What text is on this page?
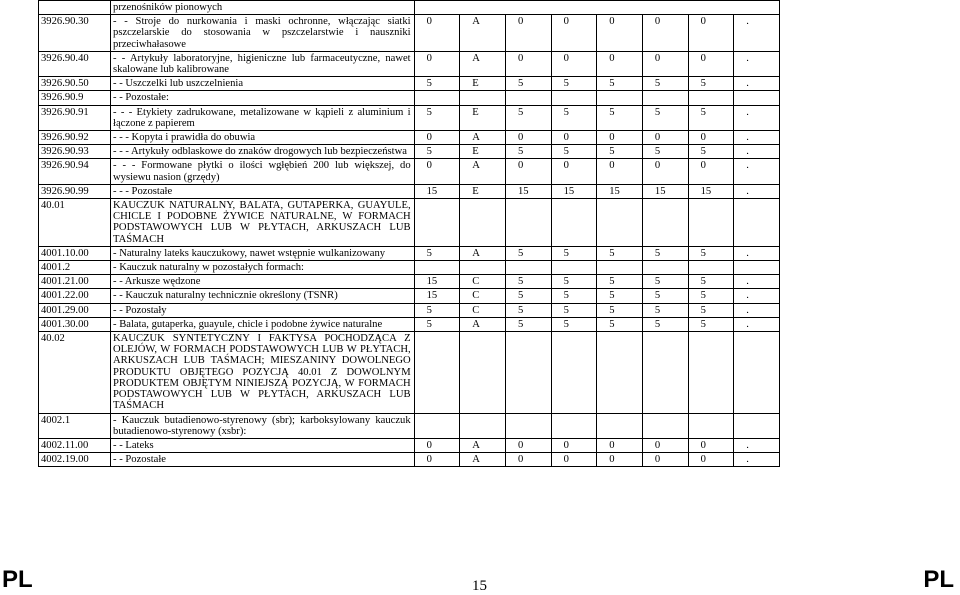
	przenośników pionowych								
3926.90.30	- - Stroje do nurkowania i maski ochronne, włączając siatki pszczelarskie do stosowania w pszczelarstwie i nauszniki przeciwhałasowe	0	A	0	0	0	0	0	.
3926.90.40	- - Artykuły laboratoryjne, higieniczne lub farmaceutyczne, nawet skalowane lub kalibrowane	0	A	0	0	0	0	0	.
3926.90.50	- - Uszczelki lub uszczelnienia	5	E	5	5	5	5	5	.
3926.90.9	- - Pozostałe:								
3926.90.91	- - - Etykiety zadrukowane, metalizowane w kąpieli z aluminium i łączone z papierem	5	E	5	5	5	5	5	.
3926.90.92	- - - Kopyta i prawidła do obuwia	0	A	0	0	0	0	0	.
3926.90.93	- - - Artykuły odblaskowe do znaków drogowych lub bezpieczeństwa	5	E	5	5	5	5	5	.
3926.90.94	- - - Formowane płytki o ilości wgłębień 200 lub większej, do wysiewu nasion (grzędy)	0	A	0	0	0	0	0	.
3926.90.99	- - - Pozostałe	15	E	15	15	15	15	15	.
40.01	KAUCZUK NATURALNY, BALATA, GUTAPERKA, GUAYULE, CHICLE I PODOBNE ŻYWICE NATURALNE, W FORMACH PODSTAWOWYCH LUB W PŁYTACH, ARKUSZACH LUB TAŚMACH								
4001.10.00	- Naturalny lateks kauczukowy, nawet wstępnie wulkanizowany	5	A	5	5	5	5	5	.
4001.2	- Kauczuk naturalny w pozostałych formach:								
4001.21.00	- - Arkusze wędzone	15	C	5	5	5	5	5	.
4001.22.00	- - Kauczuk naturalny technicznie określony (TSNR)	15	C	5	5	5	5	5	.
4001.29.00	- - Pozostały	5	C	5	5	5	5	5	.
4001.30.00	- Balata, gutaperka, guayule, chicle i podobne żywice naturalne	5	A	5	5	5	5	5	.
40.02	KAUCZUK SYNTETYCZNY I FAKTYSA POCHODZĄCA Z OLEJÓW, W FORMACH PODSTAWOWYCH LUB W PŁYTACH, ARKUSZACH LUB TAŚMACH; MIESZANINY DOWOLNEGO PRODUKTU OBJĘTEGO POZYCJĄ 40.01 Z DOWOLNYM PRODUKTEM OBJĘTYM NINIEJSZĄ POZYCJĄ, W FORMACH PODSTAWOWYCH LUB W PŁYTACH, ARKUSZACH LUB TAŚMACH								
4002.1	- Kauczuk butadienowo-styrenowy (sbr); karboksylowany kauczuk butadienowo-styrenowy (xsbr):								
4002.11.00	- - Lateks	0	A	0	0	0	0	0	.
4002.19.00	- - Pozostałe	0	A	0	0	0	0	0	.
PL	15	PL
